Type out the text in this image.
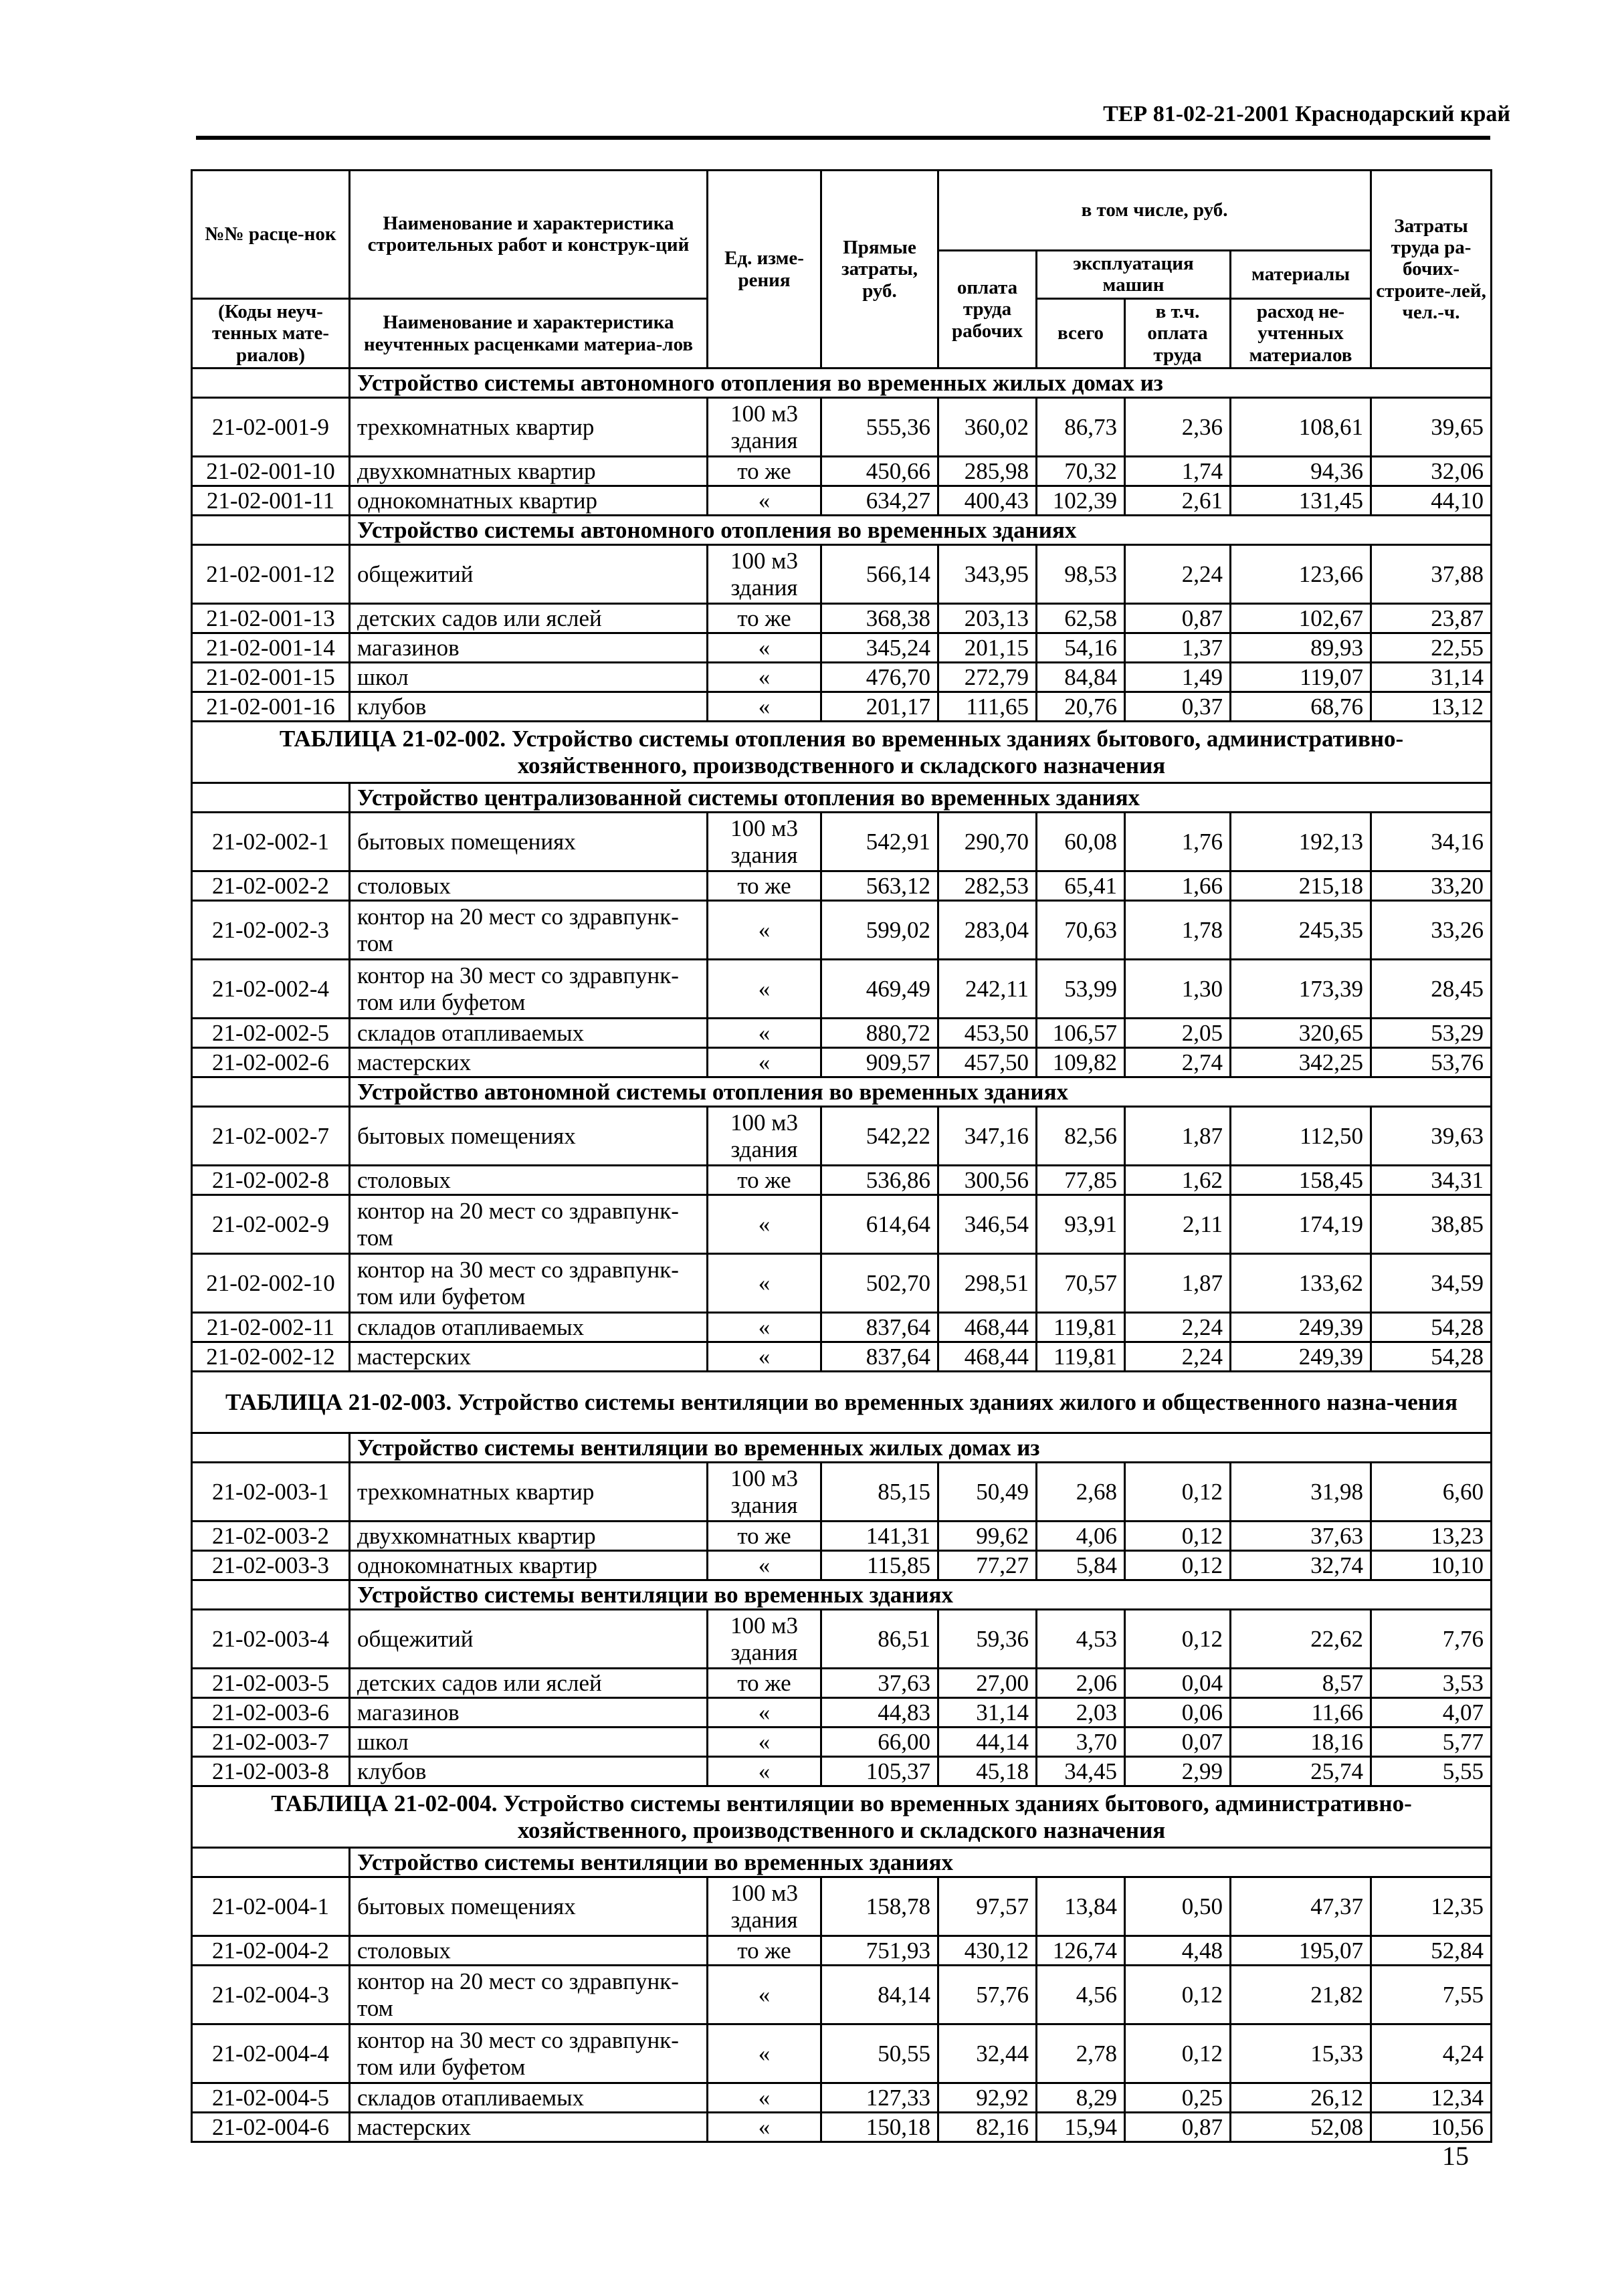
ТЕР 81-02-21-2001 Краснодарский край
№№ расце-нок	Наименование и характеристика строительных работ и конструк-ций	Ед. изме-рения	Прямые затраты, руб.	в том числе, руб.				Затраты труда ра-бочих-строите-лей, чел.-ч.
				оплата труда рабочих	эксплуатация машин		материалы	
(Коды неуч-тенных мате-риалов)	Наименование и характеристика неучтенных расценками материа-лов				всего	в т.ч. оплата труда	расход не-учтенных материалов	

	Устройство системы автономного отопления во временных жилых домах из							
21-02-001-9	трехкомнатных квартир	100 м3 здания	555,36	360,02	86,73	2,36	108,61	39,65
21-02-001-10	двухкомнатных квартир	то же	450,66	285,98	70,32	1,74	94,36	32,06
21-02-001-11	однокомнатных квартир	«	634,27	400,43	102,39	2,61	131,45	44,10
	Устройство системы автономного отопления во временных зданиях							
21-02-001-12	общежитий	100 м3 здания	566,14	343,95	98,53	2,24	123,66	37,88
21-02-001-13	детских садов или яслей	то же	368,38	203,13	62,58	0,87	102,67	23,87
21-02-001-14	магазинов	«	345,24	201,15	54,16	1,37	89,93	22,55
21-02-001-15	школ	«	476,70	272,79	84,84	1,49	119,07	31,14
21-02-001-16	клубов	«	201,17	111,65	20,76	0,37	68,76	13,12
ТАБЛИЦА 21-02-002. Устройство системы отопления во временных зданиях бытового, административно-хозяйственного, производственного и складского назначения								
	Устройство централизованной системы отопления во временных зданиях							
21-02-002-1	бытовых помещениях	100 м3 здания	542,91	290,70	60,08	1,76	192,13	34,16
21-02-002-2	столовых	то же	563,12	282,53	65,41	1,66	215,18	33,20
21-02-002-3	контор на 20 мест со здравпунк-том	«	599,02	283,04	70,63	1,78	245,35	33,26
21-02-002-4	контор на 30 мест со здравпунк-том или буфетом	«	469,49	242,11	53,99	1,30	173,39	28,45
21-02-002-5	складов отапливаемых	«	880,72	453,50	106,57	2,05	320,65	53,29
21-02-002-6	мастерских	«	909,57	457,50	109,82	2,74	342,25	53,76
	Устройство автономной системы отопления во временных зданиях							
21-02-002-7	бытовых помещениях	100 м3 здания	542,22	347,16	82,56	1,87	112,50	39,63
21-02-002-8	столовых	то же	536,86	300,56	77,85	1,62	158,45	34,31
21-02-002-9	контор на 20 мест со здравпунк-том	«	614,64	346,54	93,91	2,11	174,19	38,85
21-02-002-10	контор на 30 мест со здравпунк-том или буфетом	«	502,70	298,51	70,57	1,87	133,62	34,59
21-02-002-11	складов отапливаемых	«	837,64	468,44	119,81	2,24	249,39	54,28
21-02-002-12	мастерских	«	837,64	468,44	119,81	2,24	249,39	54,28
ТАБЛИЦА 21-02-003. Устройство системы вентиляции во временных зданиях жилого и общественного назна-чения								
	Устройство системы вентиляции во временных жилых домах из							
21-02-003-1	трехкомнатных квартир	100 м3 здания	85,15	50,49	2,68	0,12	31,98	6,60
21-02-003-2	двухкомнатных квартир	то же	141,31	99,62	4,06	0,12	37,63	13,23
21-02-003-3	однокомнатных квартир	«	115,85	77,27	5,84	0,12	32,74	10,10
	Устройство системы вентиляции во временных зданиях							
21-02-003-4	общежитий	100 м3 здания	86,51	59,36	4,53	0,12	22,62	7,76
21-02-003-5	детских садов или яслей	то же	37,63	27,00	2,06	0,04	8,57	3,53
21-02-003-6	магазинов	«	44,83	31,14	2,03	0,06	11,66	4,07
21-02-003-7	школ	«	66,00	44,14	3,70	0,07	18,16	5,77
21-02-003-8	клубов	«	105,37	45,18	34,45	2,99	25,74	5,55
ТАБЛИЦА 21-02-004. Устройство системы вентиляции во временных зданиях бытового, административно-хозяйственного, производственного и складского назначения								
	Устройство системы вентиляции во временных зданиях							
21-02-004-1	бытовых помещениях	100 м3 здания	158,78	97,57	13,84	0,50	47,37	12,35
21-02-004-2	столовых	то же	751,93	430,12	126,74	4,48	195,07	52,84
21-02-004-3	контор на 20 мест со здравпунк-том	«	84,14	57,76	4,56	0,12	21,82	7,55
21-02-004-4	контор на 30 мест со здравпунк-том или буфетом	«	50,55	32,44	2,78	0,12	15,33	4,24
21-02-004-5	складов отапливаемых	«	127,33	92,92	8,29	0,25	26,12	12,34
21-02-004-6	мастерских	«	150,18	82,16	15,94	0,87	52,08	10,56
15
